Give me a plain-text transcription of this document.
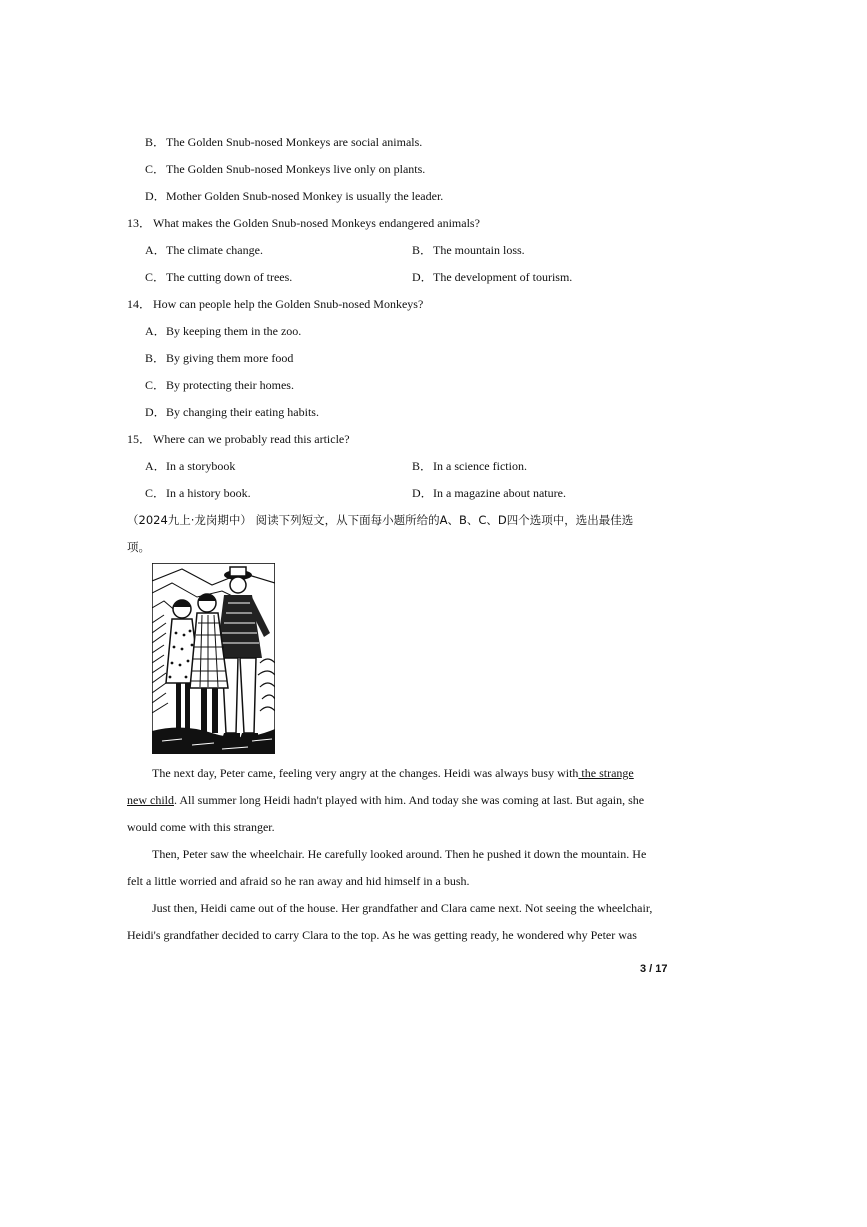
B．The Golden Snub-nosed Monkeys are social animals.
C．The Golden Snub-nosed Monkeys live only on plants.
D．Mother Golden Snub-nosed Monkey is usually the leader.
13． What makes the Golden Snub-nosed Monkeys endangered animals?
A．The climate change.	B．The mountain loss.
C．The cutting down of trees.	D．The development of tourism.
14． How can people help the Golden Snub-nosed Monkeys?
A．By keeping them in the zoo.
B．By giving them more food
C．By protecting their homes.
D．By changing their eating habits.
15． Where can we probably read this article?
A．In a storybook	B．In a science fiction.
C．In a history book.	D．In a magazine about nature.
（2024九上·龙岗期中） 阅读下列短文，从下面每小题所给的A、B、C、D四个选项中，选出最佳选
项。
The next day, Peter came, feeling very angry at the changes. Heidi was always busy with the strange
new child. All summer long Heidi hadn't played with him. And today she was coming at last. But again, she
would come with this stranger.
Then, Peter saw the wheelchair. He carefully looked around. Then he pushed it down the mountain. He
felt a little worried and afraid so he ran away and hid himself in a bush.
Just then, Heidi came out of the house. Her grandfather and Clara came next. Not seeing the wheelchair,
Heidi's grandfather decided to carry Clara to the top. As he was getting ready, he wondered why Peter was
3 / 17
